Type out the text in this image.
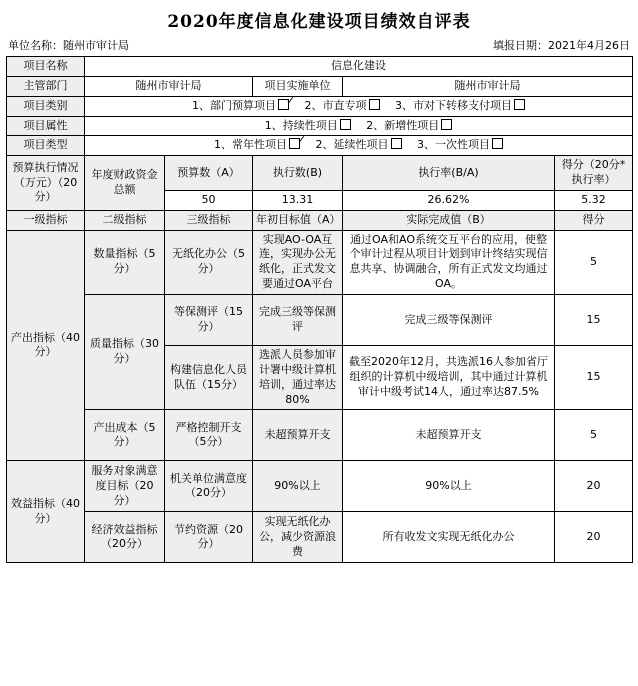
2020年度信息化建设项目绩效自评表
单位名称：随州市审计局	填报日期：2021年4月26日
项目名称	信息化建设				
主管部门	随州市审计局		项目实施单位	随州市审计局	
项目类别	1、部门预算项目 ✓ 2、市直专项 3、市对下转移支付项目
项目属性	1、持续性项目 2、新增性项目				
项目类型	1、常年性项目 ✓ 2、延续性项目 3、一次性项目
预算执行情况（万元）（20分）	年度财政资金总额	预算数（A）	执行数(B)	执行率(B/A)	得分（20分*执行率）
		50	13.31	26.62%	5.32
一级指标	二级指标	三级指标	年初目标值（A）	实际完成值（B）	得分
产出指标（40分）	数量指标（5分）	无纸化办公（5分）	实现AO-OA互连，实现办公无纸化，正式发文要通过OA平台	通过OA和AO系统交互平台的应用，使整个审计过程从项目计划到审计终结实现信息共享、协调融合，所有正式发文均通过OA。	5
	质量指标（30分）	等保测评（15分）	完成三级等保测评	完成三级等保测评	15
		构建信息化人员队伍（15分）	选派人员参加审计署中级计算机培训，通过率达80%	截至2020年12月，共选派16人参加省厅组织的计算机中级培训，其中通过计算机审计中级考试14人，通过率达87.5%	15
	产出成本（5分）	严格控制开支（5分）	未超预算开支	未超预算开支	5
效益指标（40分）	服务对象满意度目标（20分）	机关单位满意度（20分）	90%以上	90%以上	20
	经济效益指标（20分）	节约资源（20分）	实现无纸化办公，减少资源浪费	所有收发文实现无纸化办公	20
